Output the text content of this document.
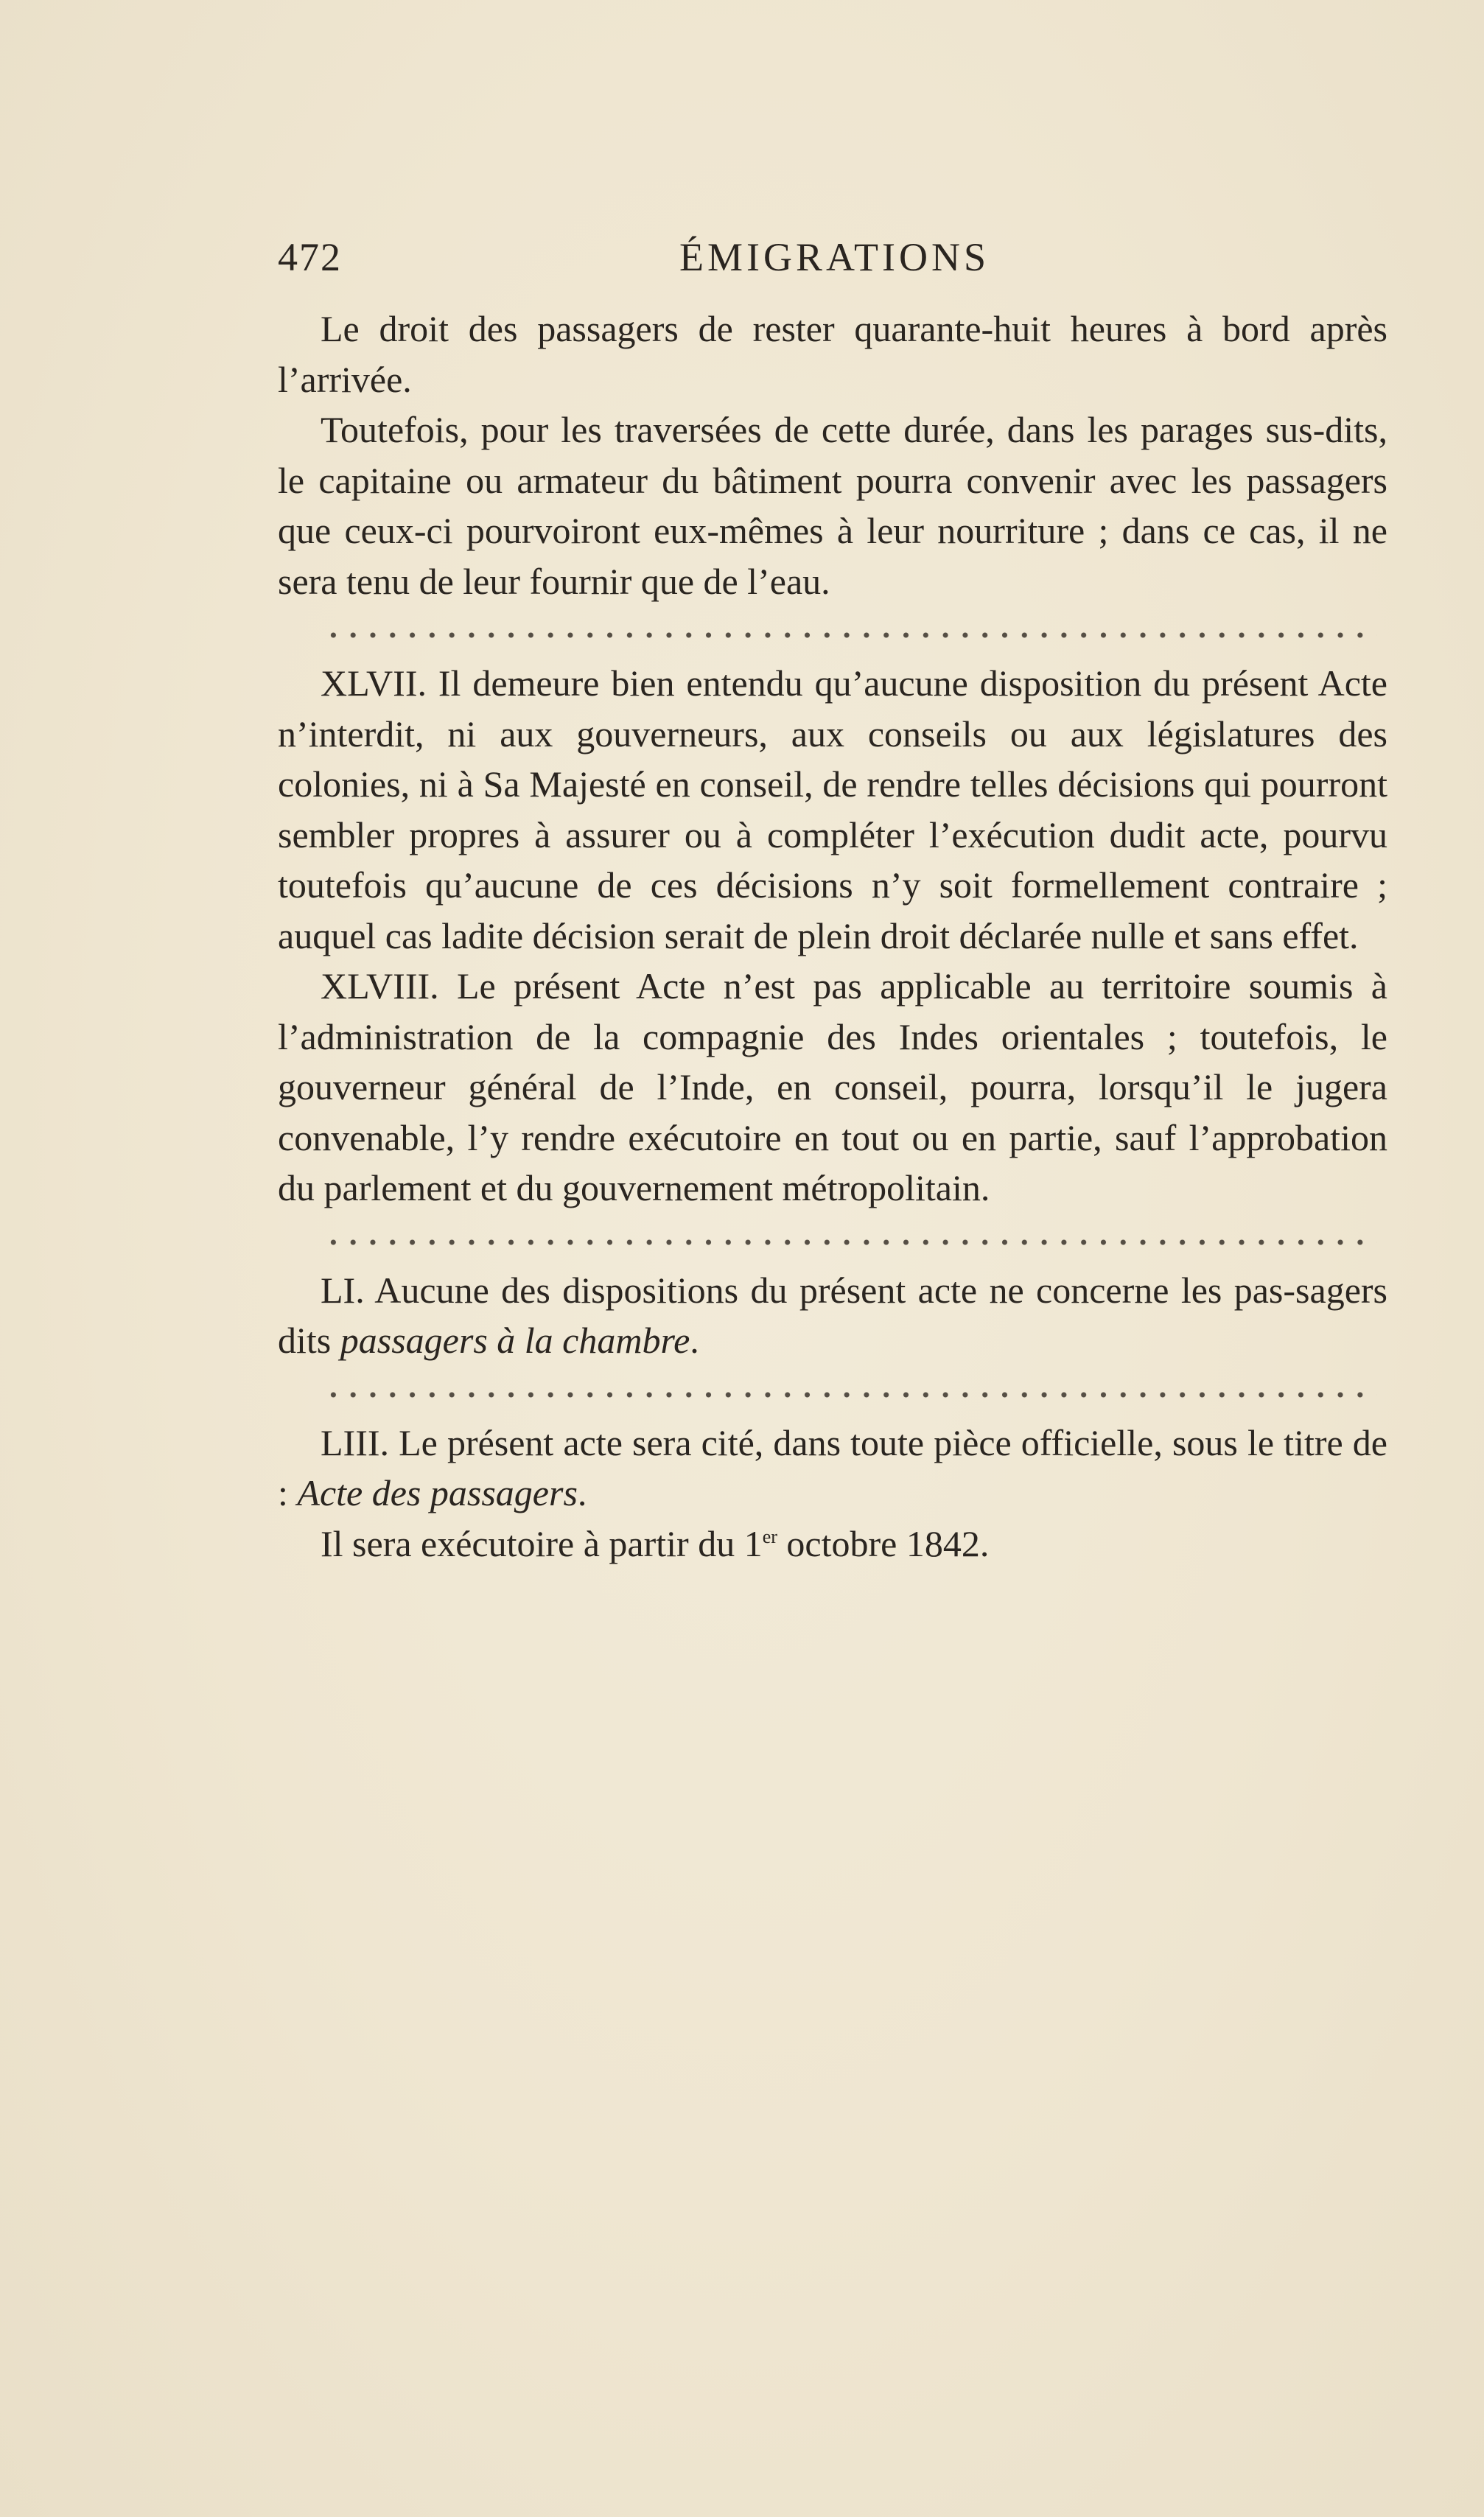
472	ÉMIGRATIONS

Le droit des passagers de rester quarante-huit heures à bord après l’arrivée.

Toutefois, pour les traversées de cette durée, dans les parages sus-dits, le capitaine ou armateur du bâtiment pourra convenir avec les passagers que ceux-ci pourvoiront eux-mêmes à leur nourriture ; dans ce cas, il ne sera tenu de leur fournir que de l’eau.

XLVII. Il demeure bien entendu qu’aucune disposition du présent Acte n’interdit, ni aux gouverneurs, aux conseils ou aux législatures des colonies, ni à Sa Majesté en conseil, de rendre telles décisions qui pourront sembler propres à assurer ou à compléter l’exécution dudit acte, pourvu toutefois qu’aucune de ces décisions n’y soit formellement contraire ; auquel cas ladite décision serait de plein droit déclarée nulle et sans effet.

XLVIII. Le présent Acte n’est pas applicable au territoire soumis à l’administration de la compagnie des Indes orientales ; toutefois, le gouverneur général de l’Inde, en conseil, pourra, lorsqu’il le jugera convenable, l’y rendre exécutoire en tout ou en partie, sauf l’approbation du parlement et du gouvernement métropolitain.

LI. Aucune des dispositions du présent acte ne concerne les pas-sagers dits passagers à la chambre.

LIII. Le présent acte sera cité, dans toute pièce officielle, sous le titre de : Acte des passagers.

Il sera exécutoire à partir du 1er octobre 1842.
